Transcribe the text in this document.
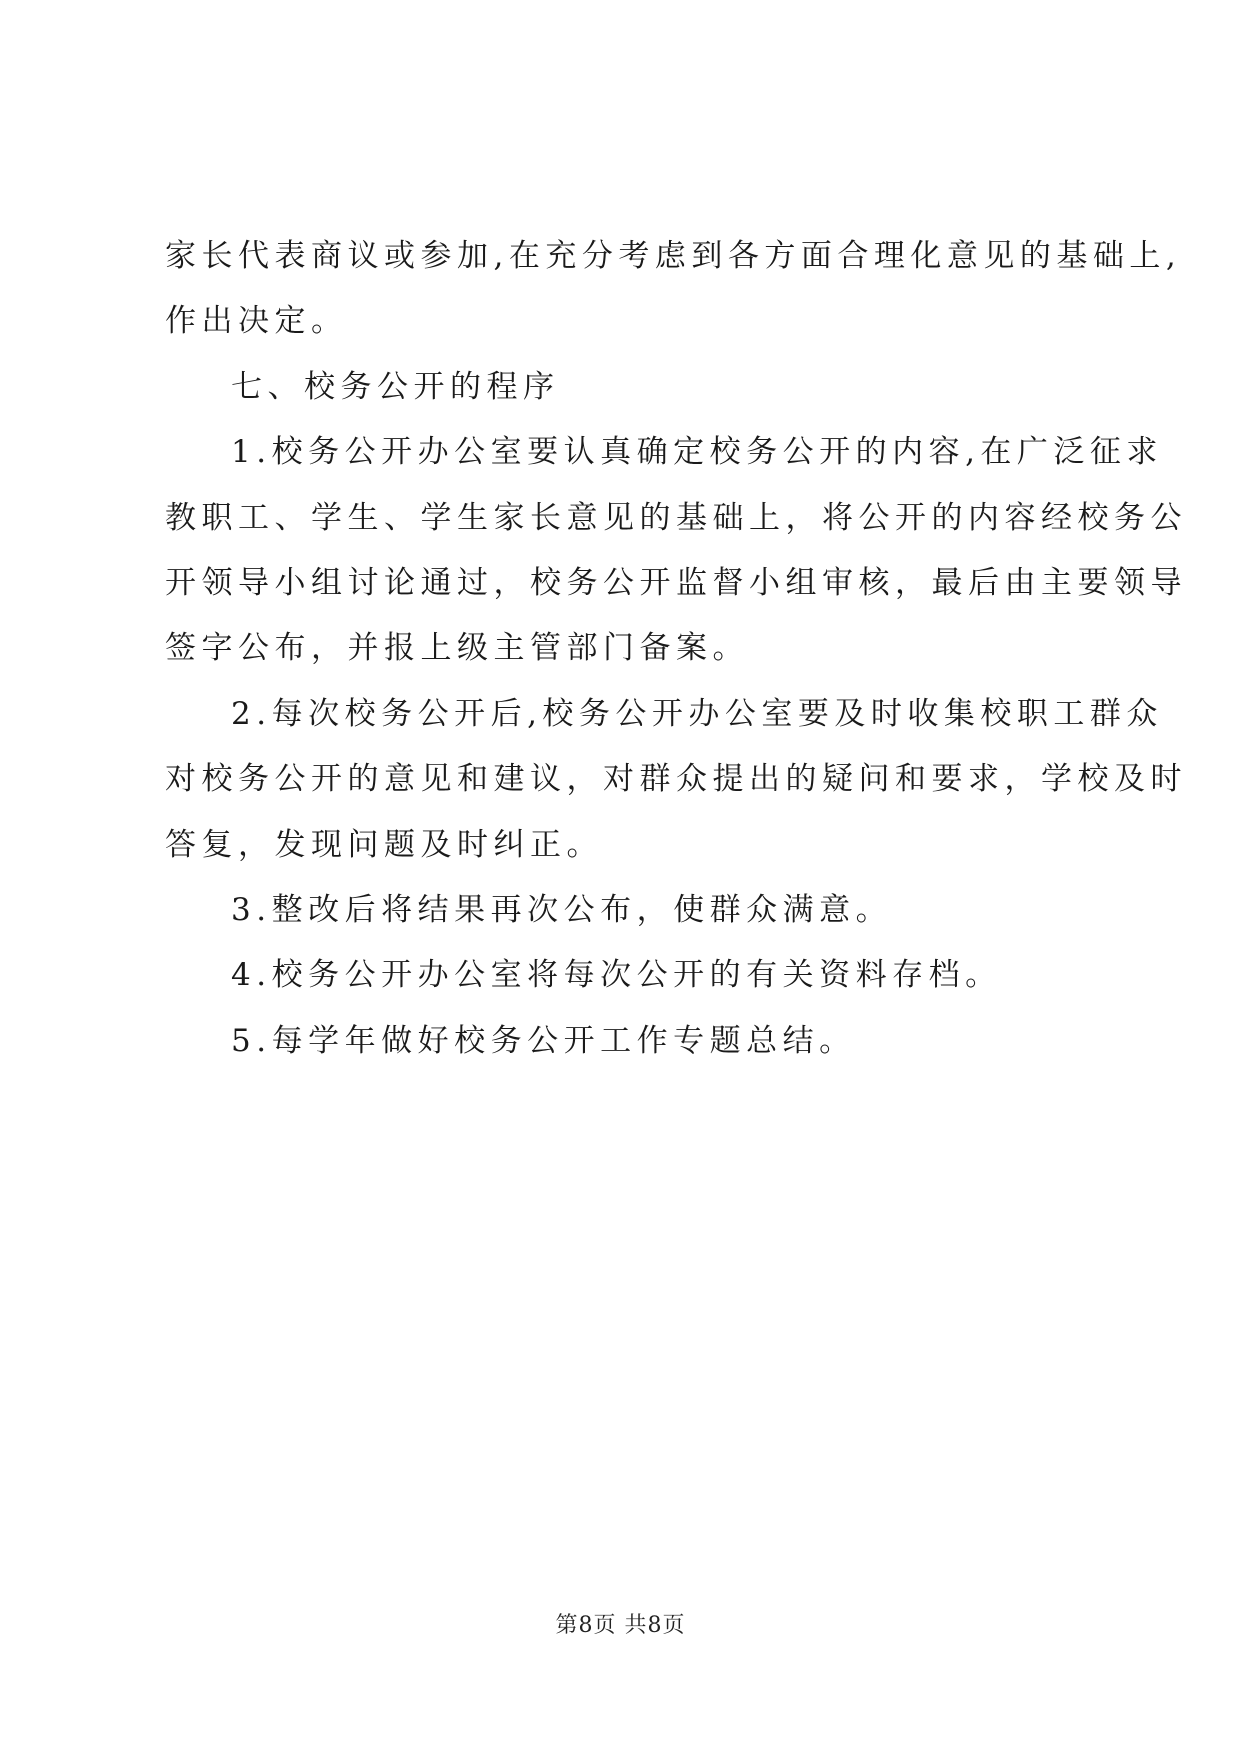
家长代表商议或参加,在充分考虑到各方面合理化意见的基础上,
作出决定。
七、校务公开的程序
1.校务公开办公室要认真确定校务公开的内容,在广泛征求
教职工、学生、学生家长意见的基础上，将公开的内容经校务公
开领导小组讨论通过，校务公开监督小组审核，最后由主要领导
签字公布，并报上级主管部门备案。
2.每次校务公开后,校务公开办公室要及时收集校职工群众
对校务公开的意见和建议，对群众提出的疑问和要求，学校及时
答复，发现问题及时纠正。
3.整改后将结果再次公布，使群众满意。
4.校务公开办公室将每次公开的有关资料存档。
5.每学年做好校务公开工作专题总结。
第8页 共8页
